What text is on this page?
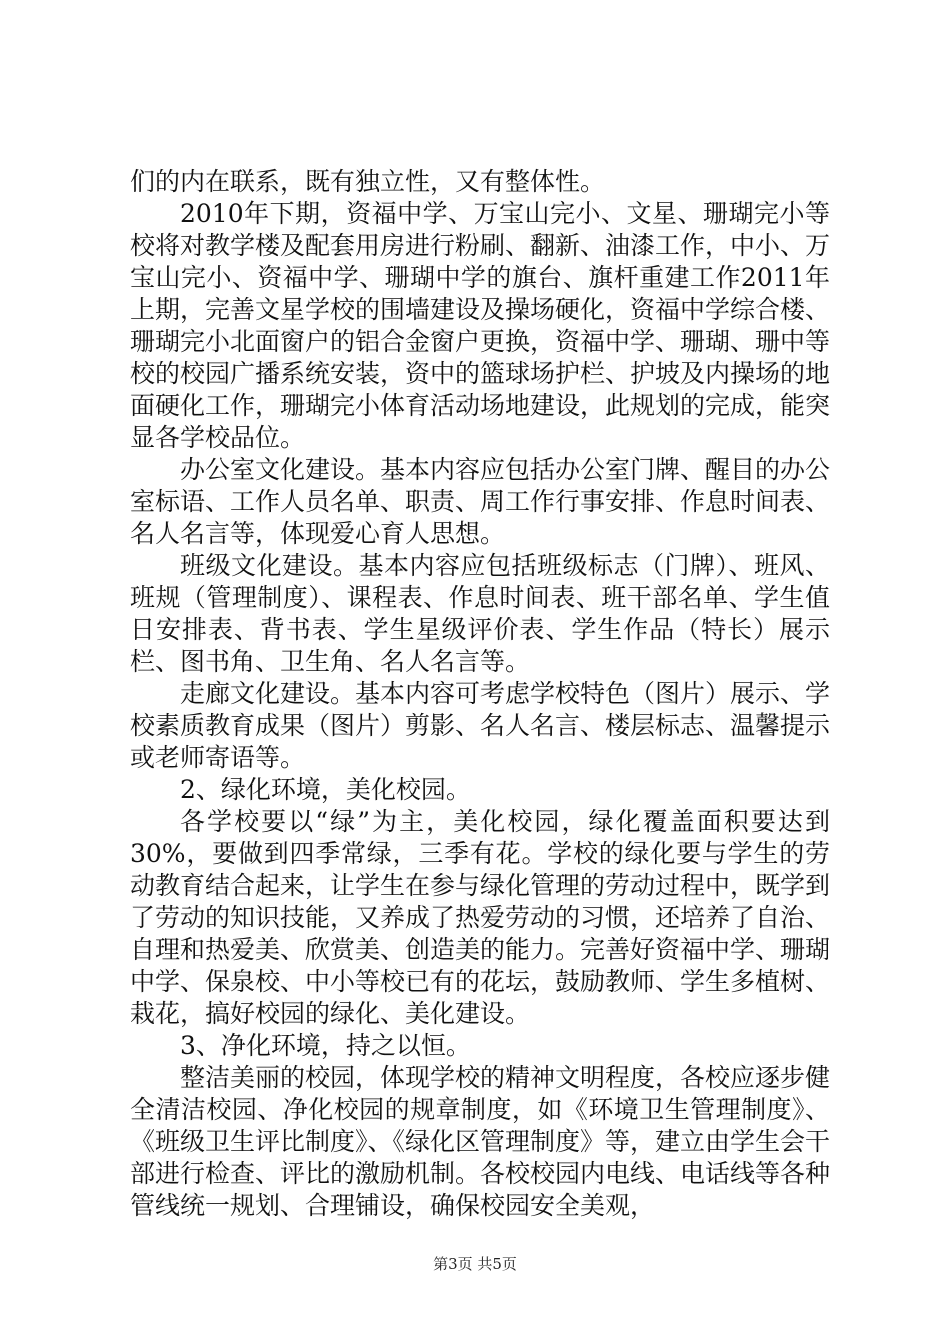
们的内在联系，既有独立性，又有整体性。

2010年下期，资福中学、万宝山完小、文星、珊瑚完小等校将对教学楼及配套用房进行粉刷、翻新、油漆工作，中小、万宝山完小、资福中学、珊瑚中学的旗台、旗杆重建工作2011年上期，完善文星学校的围墙建设及操场硬化，资福中学综合楼、珊瑚完小北面窗户的铝合金窗户更换，资福中学、珊瑚、珊中等校的校园广播系统安装，资中的篮球场护栏、护坡及内操场的地面硬化工作，珊瑚完小体育活动场地建设，此规划的完成，能突显各学校品位。

办公室文化建设。基本内容应包括办公室门牌、醒目的办公室标语、工作人员名单、职责、周工作行事安排、作息时间表、名人名言等，体现爱心育人思想。

班级文化建设。基本内容应包括班级标志（门牌）、班风、班规（管理制度）、课程表、作息时间表、班干部名单、学生值日安排表、背书表、学生星级评价表、学生作品（特长）展示栏、图书角、卫生角、名人名言等。

走廊文化建设。基本内容可考虑学校特色（图片）展示、学校素质教育成果（图片）剪影、名人名言、楼层标志、温馨提示或老师寄语等。

2、绿化环境，美化校园。

各学校要以“绿”为主，美化校园，绿化覆盖面积要达到30%，要做到四季常绿，三季有花。学校的绿化要与学生的劳动教育结合起来，让学生在参与绿化管理的劳动过程中，既学到了劳动的知识技能，又养成了热爱劳动的习惯，还培养了自治、自理和热爱美、欣赏美、创造美的能力。完善好资福中学、珊瑚中学、保泉校、中小等校已有的花坛，鼓励教师、学生多植树、栽花，搞好校园的绿化、美化建设。

3、净化环境，持之以恒。

整洁美丽的校园，体现学校的精神文明程度，各校应逐步健全清洁校园、净化校园的规章制度，如《环境卫生管理制度》、《班级卫生评比制度》、《绿化区管理制度》等，建立由学生会干部进行检查、评比的激励机制。各校校园内电线、电话线等各种管线统一规划、合理铺设，确保校园安全美观，

第3页 共5页
